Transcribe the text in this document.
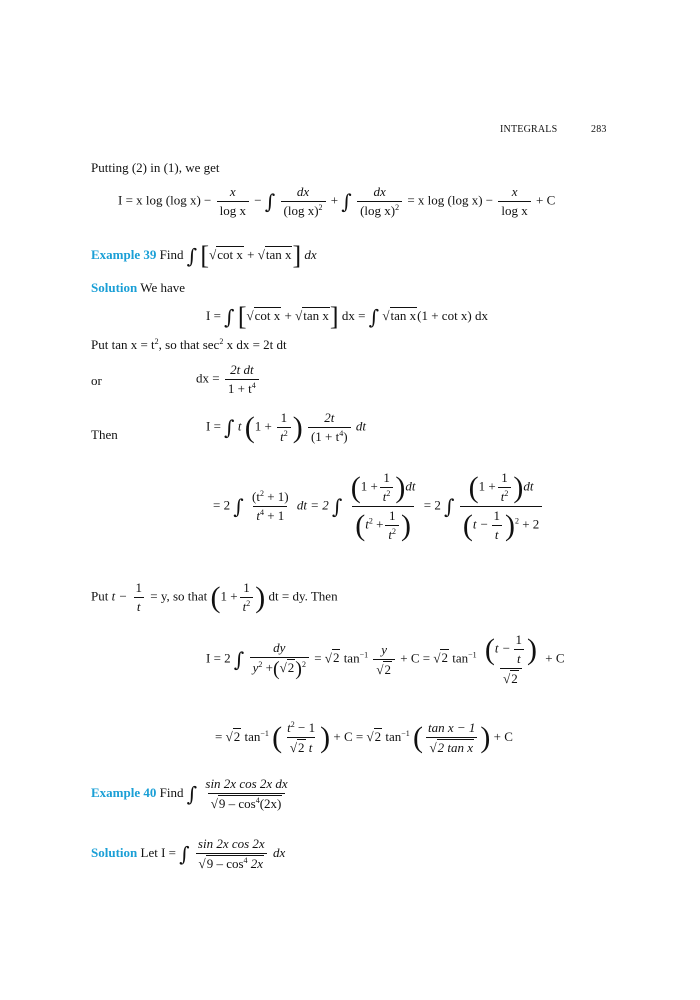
INTEGRALS	283
Putting (2) in (1), we get
I = x log (log $x) - \frac{x}{\text{log x}}$ − ∫ $\frac{dx}{(\log x)^2}$ + ∫ $\frac{dx}{(\log x)^2} = x$ log (log $x) - \frac{x}{\text{log x}} + C$
Example 39 Find ∫ [√cot x + √tan x] dx
Solution We have
I = ∫ [√cot x + √tan x] dx = ∫ √tan x(1 + cot x) dx
Put $\tan x = t^2$, so that $\sec^2 x$ dx = 2t dt
or	dx = $\frac{\text{2t dt}}{1 + t^4}$
Then
I = ∫ t ($1 + \frac{1}{t^2}$ ) $\frac{2t}{(1 + t^4)}$ dt
= 2 ∫ $\frac{(t^2 + 1)}{t^4 + 1}$ dt = 2 ∫ $\frac{(1 + \frac{1}{t^2} )dt}{(t^2 + \frac{1}{t^2} )} = 2$ ∫ $\frac{(1 + \frac{1}{t^2} )dt}{(t - \frac{1}{t} )^2 + 2}$
Put $t - \frac{1}{t} = y$, so that ($1 + \frac{1}{t^2}$ ) dt = dy. Then
I = 2 ∫ $\frac{dy}{y^2 +(√2)^2} = √2$ $\tan^{-1} \frac{y}{√2} + C = √2$ $\tan^{-1} \frac{(t - \frac{1}{t} )}{√2} + C$
= √2 $\tan^{-1}$ ( $\frac{t^2 - 1}{√2 t}$ ) + C = √2 $\tan^{-1}$ ( $\frac{\text{tan x − 1}}{\text{√2 tan x}}$ ) + C
Example 40 Find ∫ $\frac{\text{sin 2x cos 2x dx}}{√9 - \cos^4(2x)}$
Solution Let I = ∫ $\frac{\text{sin 2x cos 2x}}{√9 - \cos^4 2x}$ dx
